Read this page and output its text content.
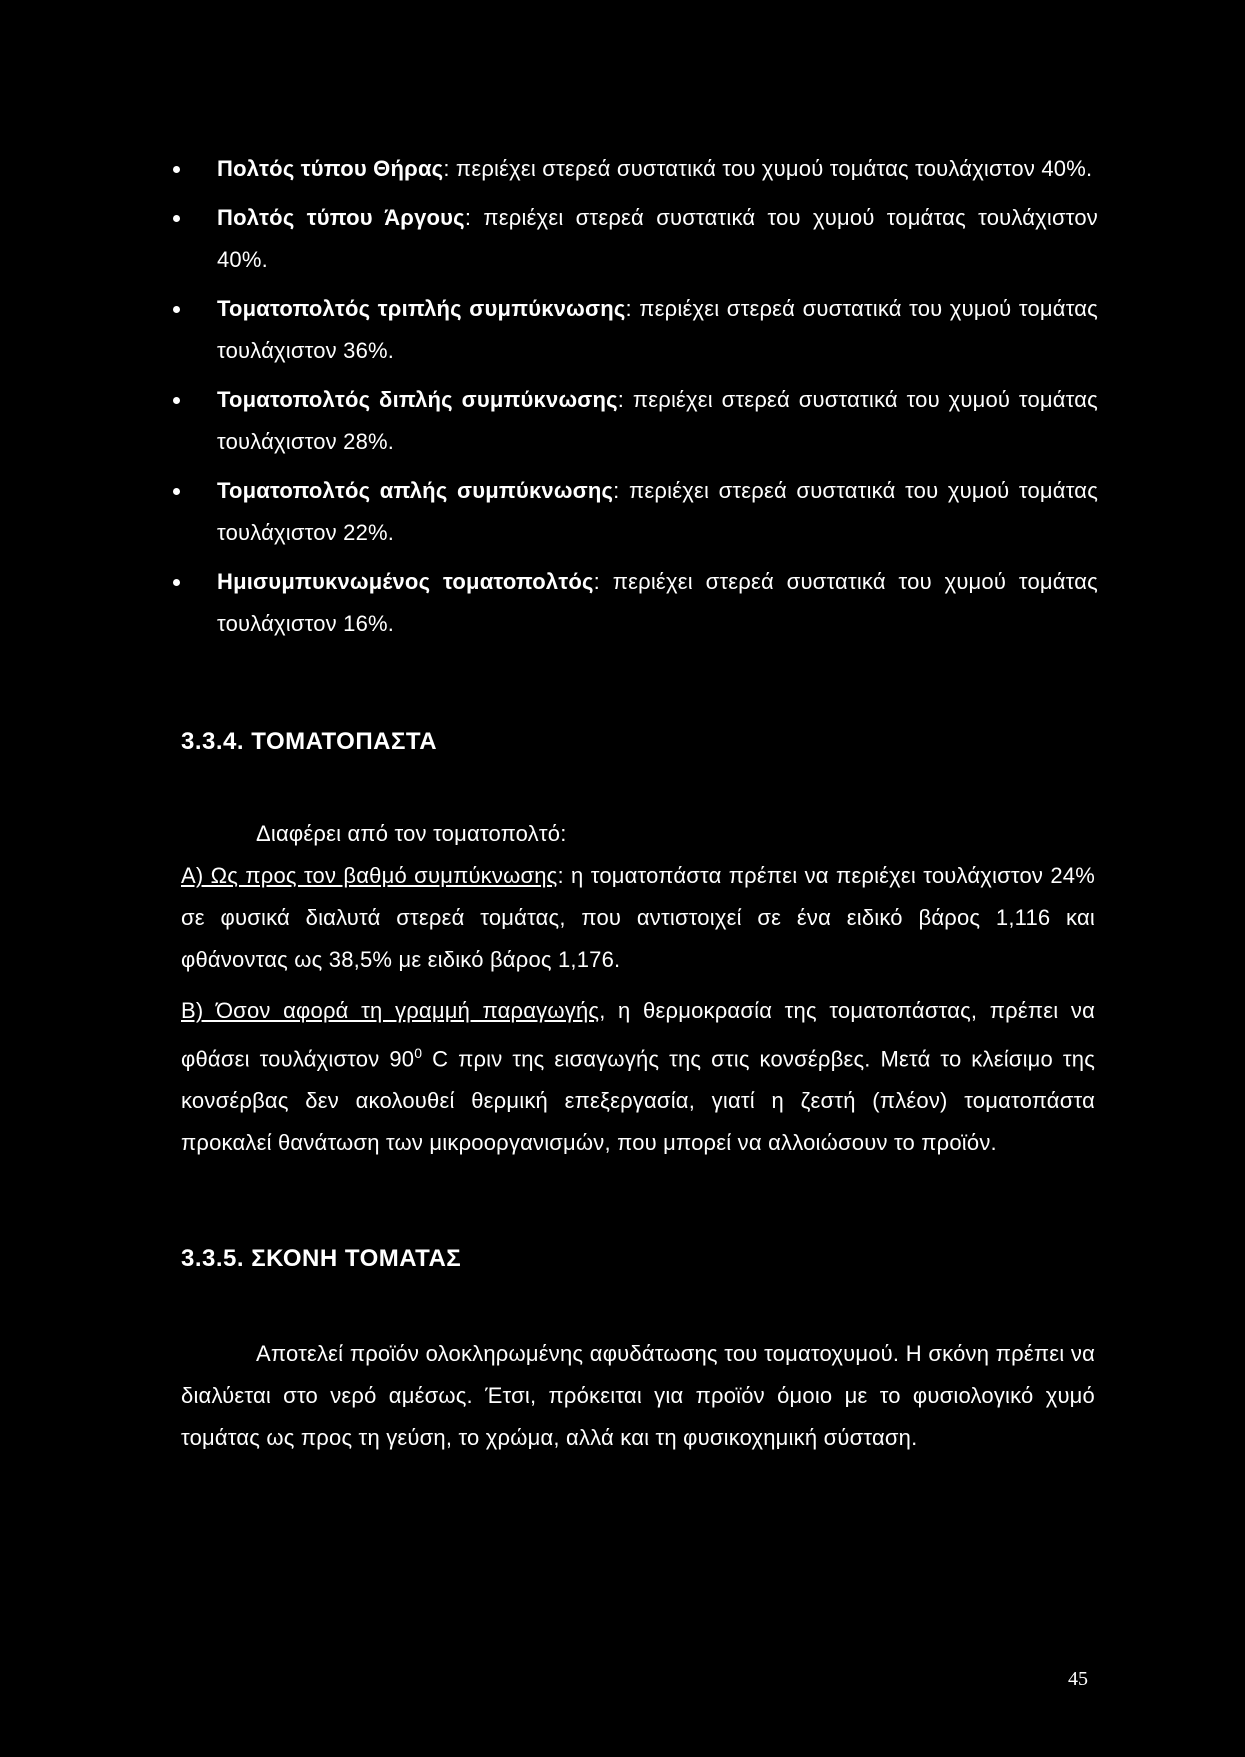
Πολτός τύπου Θήρας: περιέχει στερεά συστατικά του χυμού τομάτας τουλάχιστον 40%.
Πολτός τύπου Άργους: περιέχει στερεά συστατικά του χυμού τομάτας τουλάχιστον 40%.
Τοματοπολτός τριπλής συμπύκνωσης: περιέχει στερεά συστατικά του χυμού τομάτας τουλάχιστον 36%.
Τοματοπολτός διπλής συμπύκνωσης: περιέχει στερεά συστατικά του χυμού τομάτας τουλάχιστον 28%.
Τοματοπολτός απλής συμπύκνωσης: περιέχει στερεά συστατικά του χυμού τομάτας τουλάχιστον 22%.
Ημισυμπυκνωμένος τοματοπολτός: περιέχει στερεά συστατικά του χυμού τομάτας τουλάχιστον 16%.
3.3.4. ΤΟΜΑΤΟΠΑΣΤΑ
Διαφέρει από τον τοματοπολτό:
Α) Ως προς τον βαθμό συμπύκνωσης: η τοματοπάστα πρέπει να περιέχει τουλάχιστον 24% σε φυσικά διαλυτά στερεά τομάτας, που αντιστοιχεί σε ένα ειδικό βάρος 1,116 και φθάνοντας ως 38,5% με ειδικό βάρος 1,176.
Β) Όσον αφορά τη γραμμή παραγωγής, η θερμοκρασία της τοματοπάστας, πρέπει να φθάσει τουλάχιστον $90^0$ C πριν της εισαγωγής της στις κονσέρβες. Μετά το κλείσιμο της κονσέρβας δεν ακολουθεί θερμική επεξεργασία, γιατί η ζεστή (πλέον) τοματοπάστα προκαλεί θανάτωση των μικροοργανισμών, που μπορεί να αλλοιώσουν το προϊόν.
3.3.5. ΣΚΟΝΗ ΤΟΜΑΤΑΣ
Αποτελεί προϊόν ολοκληρωμένης αφυδάτωσης του τοματοχυμού. Η σκόνη πρέπει να διαλύεται στο νερό αμέσως. Έτσι, πρόκειται για προϊόν όμοιο με το φυσιολογικό χυμό τομάτας ως προς τη γεύση, το χρώμα, αλλά και τη φυσικοχημική σύσταση.
45
